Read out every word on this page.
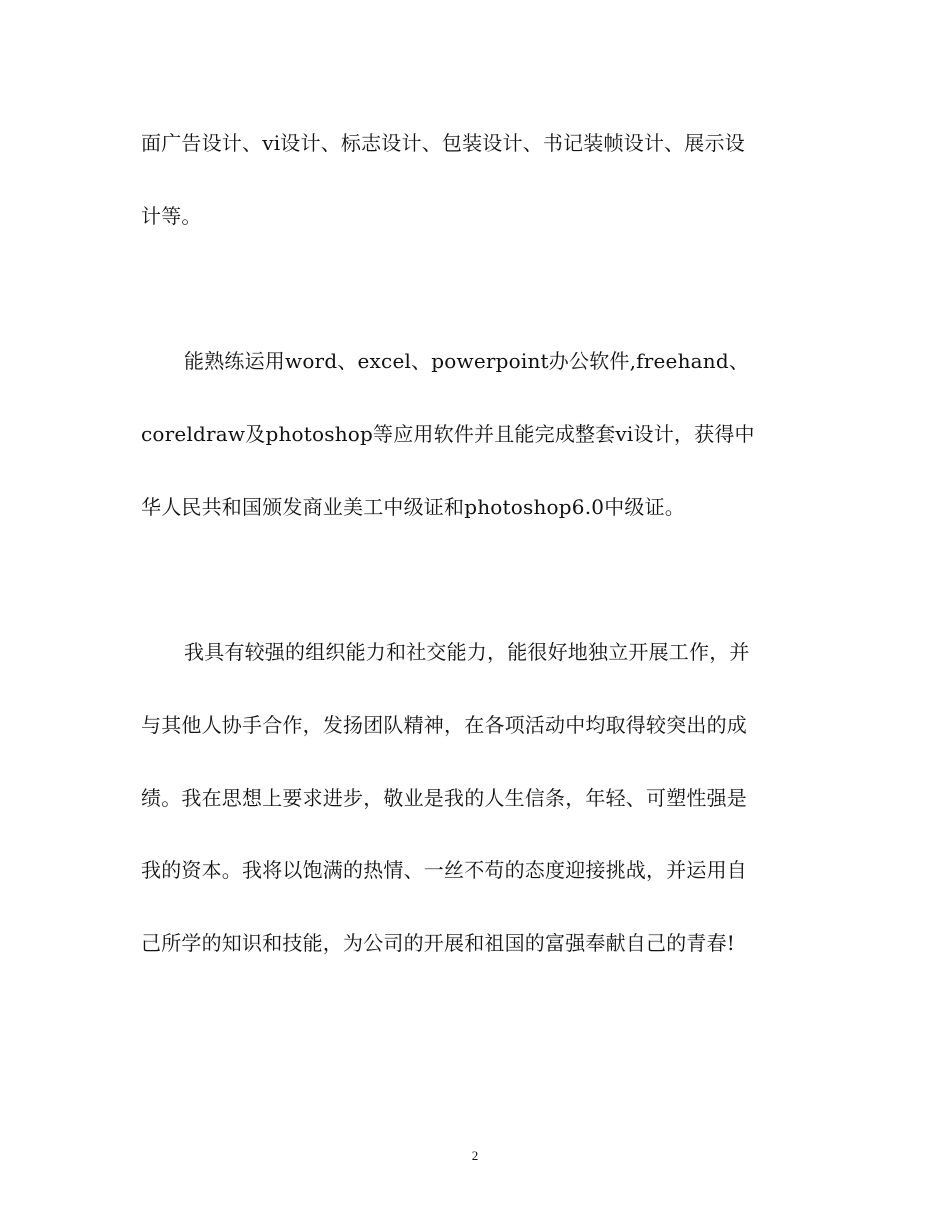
面广告设计、vi设计、标志设计、包装设计、书记装帧设计、展示设
计等。
能熟练运用word、excel、powerpoint办公软件,freehand、
coreldraw及photoshop等应用软件并且能完成整套vi设计，获得中
华人民共和国颁发商业美工中级证和photoshop6.0中级证。
我具有较强的组织能力和社交能力，能很好地独立开展工作，并
与其他人协手合作，发扬团队精神，在各项活动中均取得较突出的成
绩。我在思想上要求进步，敬业是我的人生信条，年轻、可塑性强是
我的资本。我将以饱满的热情、一丝不苟的态度迎接挑战，并运用自
己所学的知识和技能，为公司的开展和祖国的富强奉献自己的青春!
2
